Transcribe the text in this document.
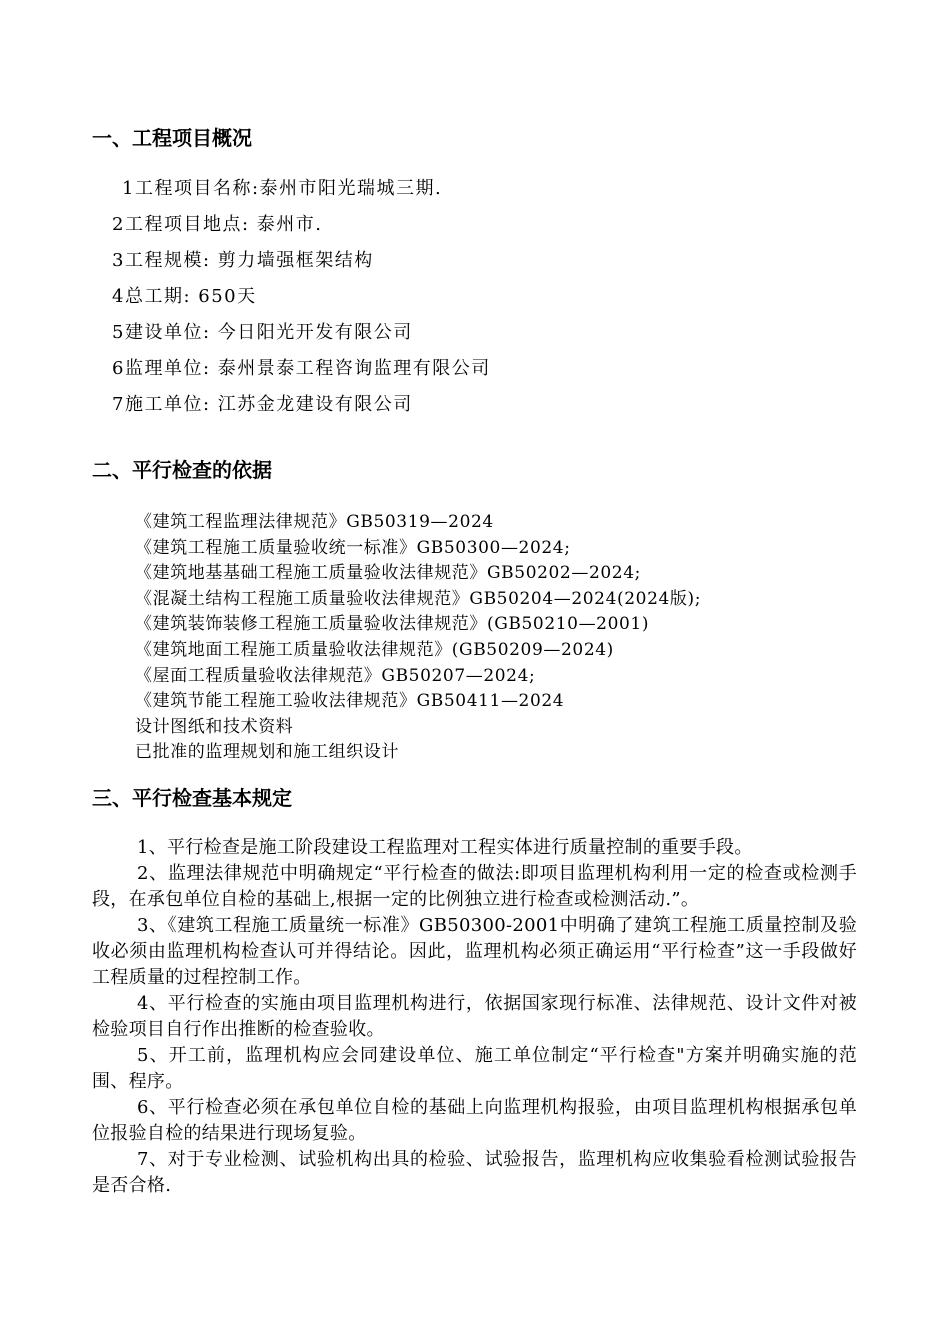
一、工程项目概况
1工程项目名称:泰州市阳光瑞城三期.
2工程项目地点: 泰州市.
3工程规模: 剪力墙强框架结构
4总工期: 650天
5建设单位: 今日阳光开发有限公司
6监理单位: 泰州景泰工程咨询监理有限公司
7施工单位: 江苏金龙建设有限公司
二、平行检查的依据
《建筑工程监理法律规范》GB50319—2024
《建筑工程施工质量验收统一标准》GB50300—2024;
《建筑地基基础工程施工质量验收法律规范》GB50202—2024;
《混凝土结构工程施工质量验收法律规范》GB50204—2024(2024版);
《建筑装饰装修工程施工质量验收法律规范》(GB50210—2001)
《建筑地面工程施工质量验收法律规范》(GB50209—2024)
《屋面工程质量验收法律规范》GB50207—2024;
《建筑节能工程施工验收法律规范》GB50411—2024
设计图纸和技术资料
已批准的监理规划和施工组织设计
三、平行检查基本规定

1、平行检查是施工阶段建设工程监理对工程实体进行质量控制的重要手段。

2、监理法律规范中明确规定“平行检查的做法:即项目监理机构利用一定的检查或检测手段，在承包单位自检的基础上,根据一定的比例独立进行检查或检测活动.”。

3、《建筑工程施工质量统一标准》GB50300-2001中明确了建筑工程施工质量控制及验收必须由监理机构检查认可并得结论。因此，监理机构必须正确运用“平行检查”这一手段做好工程质量的过程控制工作。

4、平行检查的实施由项目监理机构进行，依据国家现行标准、法律规范、设计文件对被检验项目自行作出推断的检查验收。

5、开工前，监理机构应会同建设单位、施工单位制定“平行检查"方案并明确实施的范围、程序。

6、平行检查必须在承包单位自检的基础上向监理机构报验，由项目监理机构根据承包单位报验自检的结果进行现场复验。

7、对于专业检测、试验机构出具的检验、试验报告，监理机构应收集验看检测试验报告是否合格.
